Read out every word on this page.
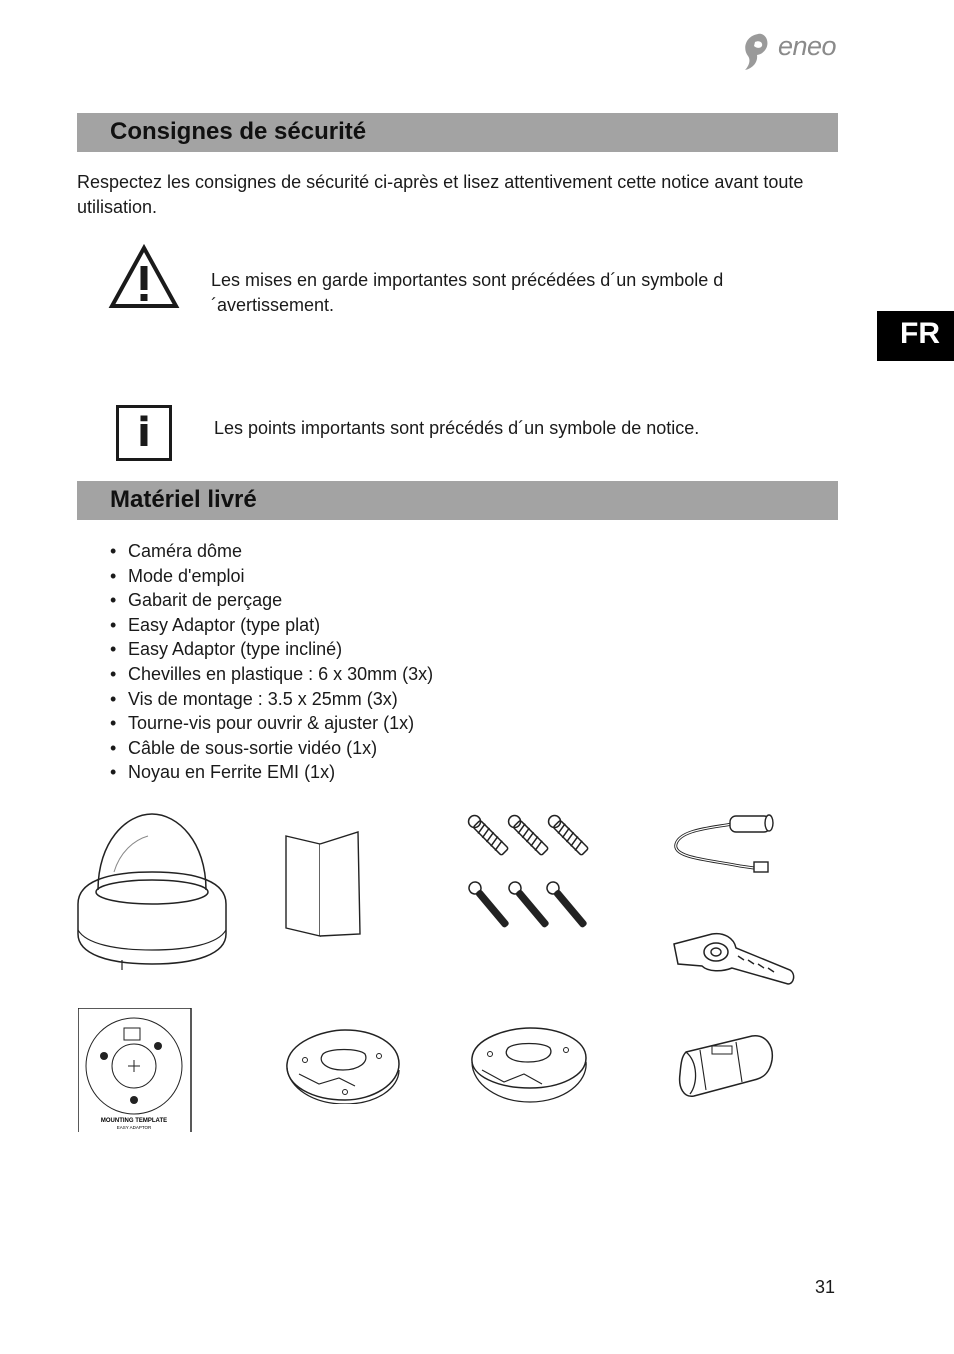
eneo
Consignes de sécurité
Respectez les consignes de sécurité ci-après et lisez attentivement cette notice avant toute utilisation.
Les mises en garde importantes sont précédées d´un symbole d´avertissement.
i	Les points importants sont précédés d´un symbole de notice.
FR
Matériel livré
• Caméra dôme
• Mode d'emploi
• Gabarit de perçage
• Easy Adaptor (type plat)
• Easy Adaptor (type incliné)
• Chevilles en plastique : 6 x 30mm (3x)
• Vis de montage : 3.5 x 25mm (3x)
• Tourne-vis pour ouvrir & ajuster (1x)
• Câble de sous-sortie vidéo (1x)
• Noyau en Ferrite EMI (1x)
MOUNTING TEMPLATE
EASY ADAPTOR
31
